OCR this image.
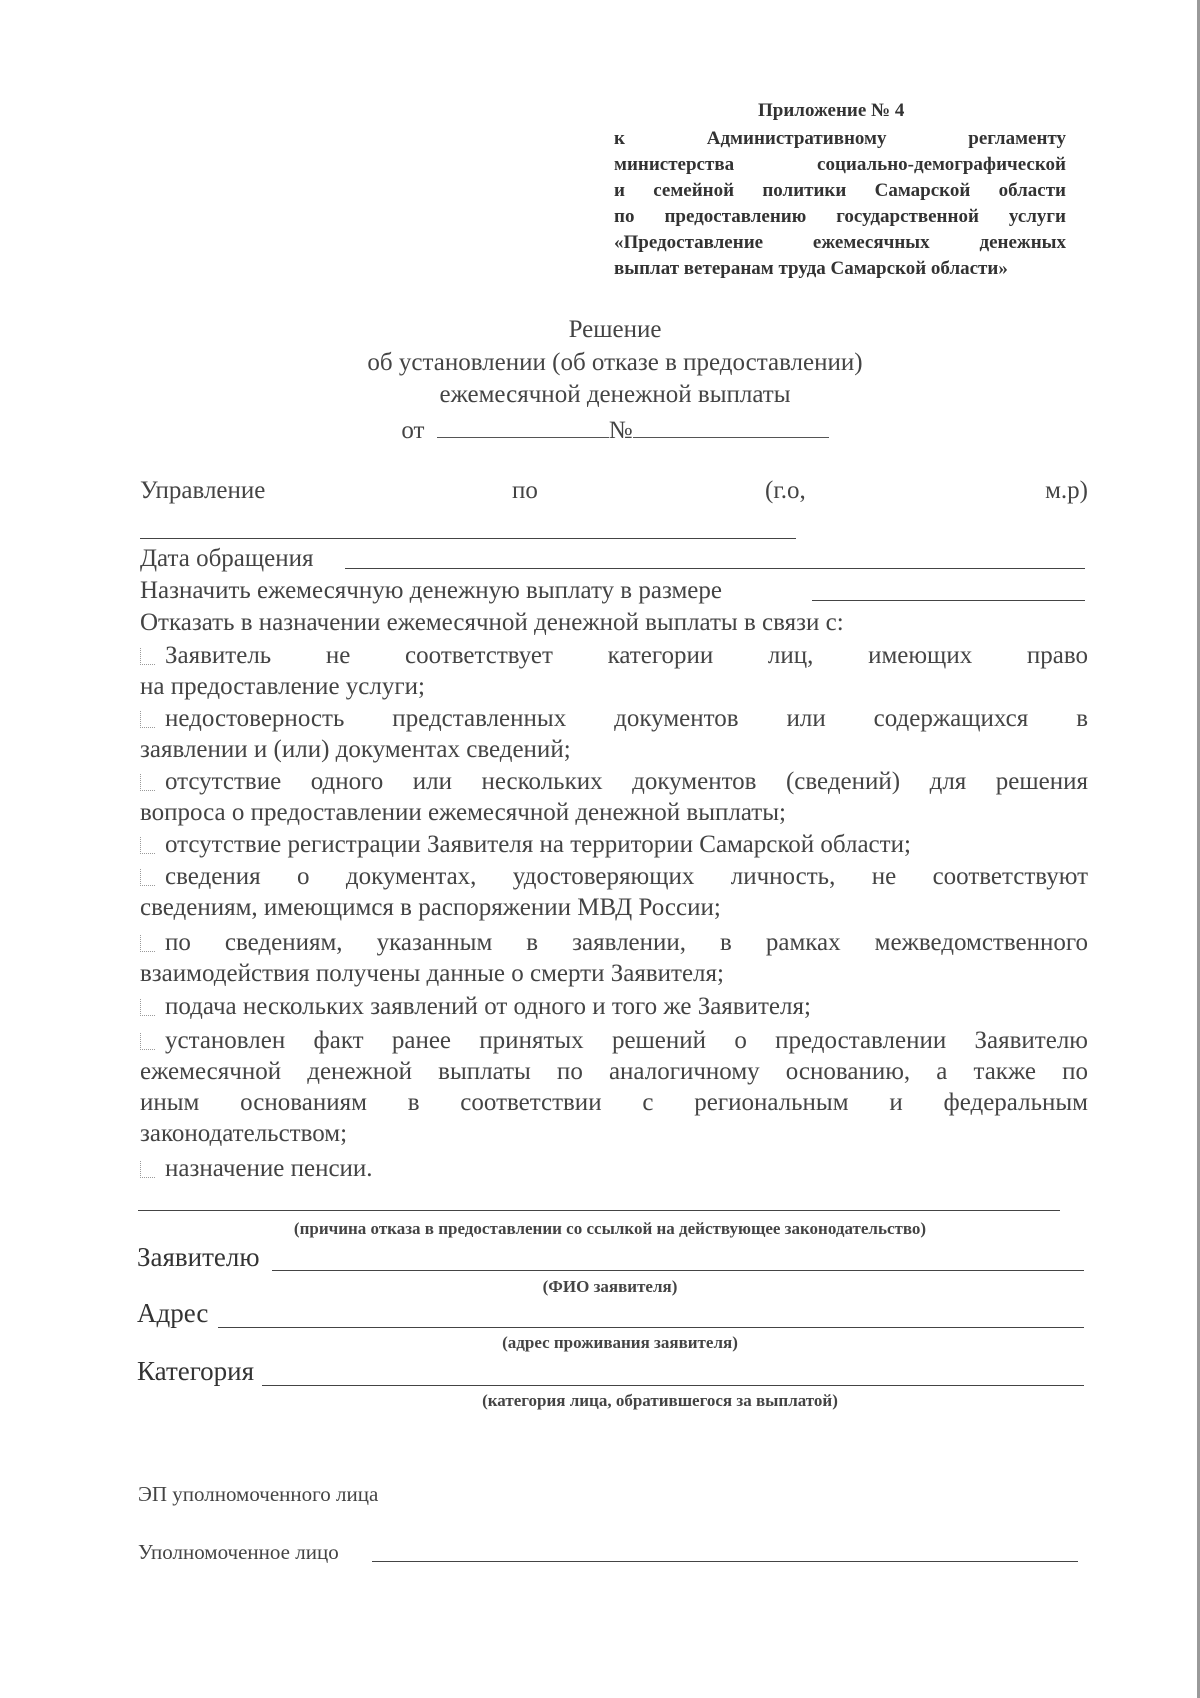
Приложение № 4
к Административному регламенту
министерства социально-демографической
и семейной политики Самарской области
по предоставлению государственной услуги
«Предоставление ежемесячных денежных
выплат ветеранам труда Самарской области»
Решение
об установлении (об отказе в предоставлении)
ежемесячной денежной выплаты
от	№
Управление	по	(г.о,	м.р)
Дата обращения
Назначить ежемесячную денежную выплату в размере
Отказать в назначении ежемесячной денежной выплаты в связи с:
Заявитель не соответствует категории лиц, имеющих право
на предоставление услуги;
недостоверность представленных документов или содержащихся в
заявлении и (или) документах сведений;
отсутствие одного или нескольких документов (сведений) для решения
вопроса о предоставлении ежемесячной денежной выплаты;
отсутствие регистрации Заявителя на территории Самарской области;
сведения о документах, удостоверяющих личность, не соответствуют
сведениям, имеющимся в распоряжении МВД России;
по сведениям, указанным в заявлении, в рамках межведомственного
взаимодействия получены данные о смерти Заявителя;
подача нескольких заявлений от одного и того же Заявителя;
установлен факт ранее принятых решений о предоставлении Заявителю
ежемесячной денежной выплаты по аналогичному основанию, а также по
иным основаниям в соответствии с региональным и федеральным
законодательством;
назначение пенсии.
(причина отказа в предоставлении со ссылкой на действующее законодательство)
Заявителю
(ФИО заявителя)
Адрес
(адрес проживания заявителя)
Категория
(категория лица, обратившегося за выплатой)
ЭП уполномоченного лица
Уполномоченное лицо
